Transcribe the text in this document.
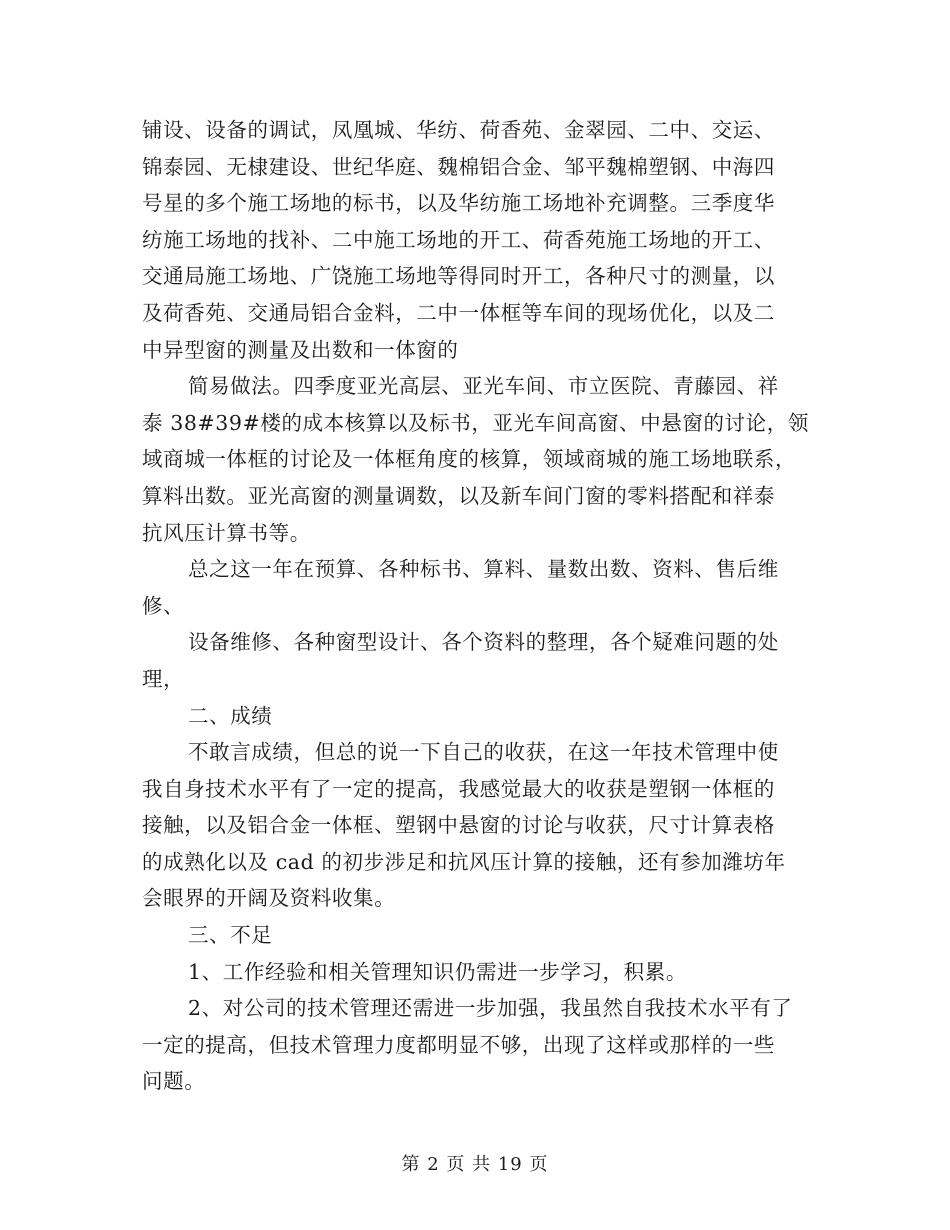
铺设、设备的调试，凤凰城、华纺、荷香苑、金翠园、二中、交运、
锦泰园、无棣建设、世纪华庭、魏棉铝合金、邹平魏棉塑钢、中海四
号星的多个施工场地的标书，以及华纺施工场地补充调整。三季度华
纺施工场地的找补、二中施工场地的开工、荷香苑施工场地的开工、
交通局施工场地、广饶施工场地等得同时开工，各种尺寸的测量，以
及荷香苑、交通局铝合金料，二中一体框等车间的现场优化，以及二
中异型窗的测量及出数和一体窗的
简易做法。四季度亚光高层、亚光车间、市立医院、青藤园、祥
泰 38#39#楼的成本核算以及标书，亚光车间高窗、中悬窗的讨论，领
域商城一体框的讨论及一体框角度的核算，领域商城的施工场地联系，
算料出数。亚光高窗的测量调数，以及新车间门窗的零料搭配和祥泰
抗风压计算书等。
总之这一年在预算、各种标书、算料、量数出数、资料、售后维
修、
设备维修、各种窗型设计、各个资料的整理，各个疑难问题的处
理，
二、成绩
不敢言成绩，但总的说一下自己的收获，在这一年技术管理中使
我自身技术水平有了一定的提高，我感觉最大的收获是塑钢一体框的
接触，以及铝合金一体框、塑钢中悬窗的讨论与收获，尺寸计算表格
的成熟化以及 cad 的初步涉足和抗风压计算的接触，还有参加潍坊年
会眼界的开阔及资料收集。
三、不足
1、工作经验和相关管理知识仍需进一步学习，积累。
2、对公司的技术管理还需进一步加强，我虽然自我技术水平有了
一定的提高，但技术管理力度都明显不够，出现了这样或那样的一些
问题。
第 2 页 共 19 页
